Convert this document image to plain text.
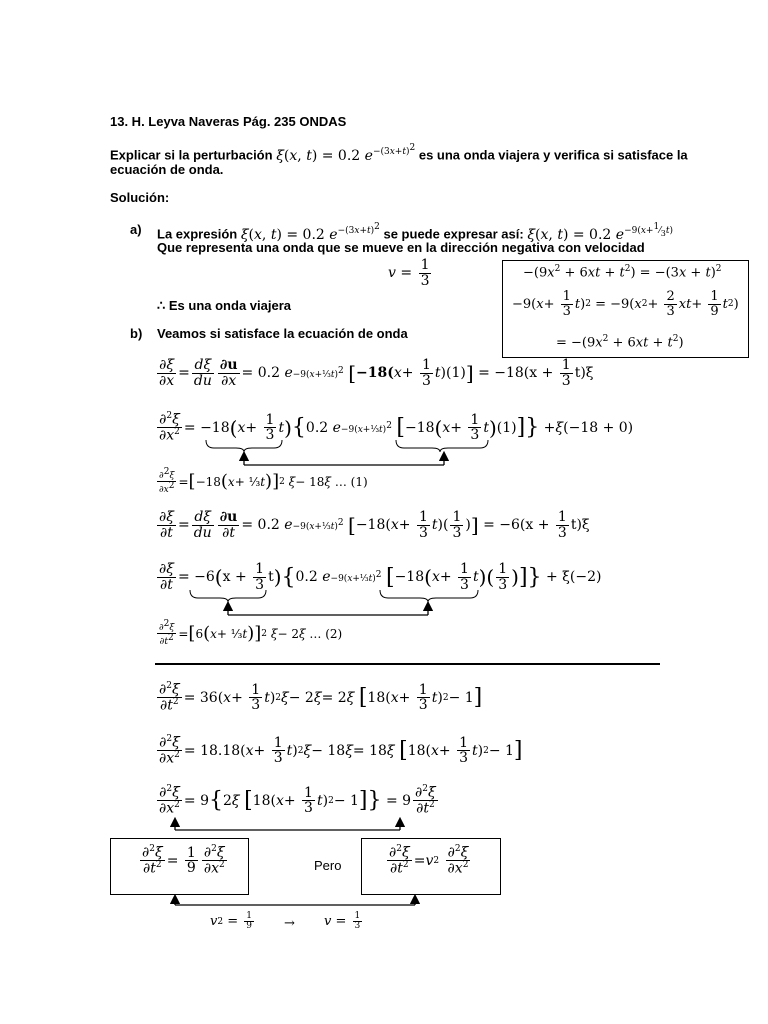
13. H. Leyva Naveras Pág. 235 ONDAS
Explicar si la perturbación ξ(x, t) = 0.2 $e^{-(3x+t)^2}$ es una onda viajera y verifica si satisface la
ecuación de onda.
Solución:
a) La expresión ξ(x, t) = 0.2 $e^{-(3x+t)^2}$ se puede expresar así: ξ(x, t) = 0.2 $e^{-9(x+^1⁄_3t)}$
Que representa una onda que se mueve en la dirección negativa con velocidad
$v = \frac{1}{3}$
∴ Es una onda viajera
b) Veamos si satisface la ecuación de onda
$-(9x^2 + 6xt + t^2) = -(3x + t)^2$
−9( $x + \frac{1}{3}$ t ) 2 = −9( x $2 + \frac{2}{3}$ xt + $\frac{1}{9}$ t 2 )
= $-(9x^2 + 6xt + t^2)$
$\frac{\partial\xi}{\partial x} = \frac{d\xi}{du} \frac{\partial u}{\partial x} = 0.2$ e −9(x+⅓t)$^2$
[ −18( $x + \frac{1}{3}$ t )(1) ] = $-18(x + \frac{1}{3} t)\xi$
$\frac{\partial^2\xi}{\partial x^2} = -18$ ( $x + \frac{1}{3}$ t ) { 0.2 e −9(x+⅓t)$^2$
[ −18 ( $x + \frac{1}{3}$ t ) (1) ] } + ξ (−18 + 0)
$\frac{\partial^2\xi}{\partial x^2}$ = [ −18 ( x + ⅓ t ) ] 2
ξ − 18 ξ
… (1)
$\frac{\partial\xi}{\partial t} = \frac{d\xi}{du} \frac{\partial u}{\partial t} = 0.2$ e −9(x+⅓t)$^2$
[ −18( $x + \frac{1}{3}$ t )( $\frac{1}{3}$ ) ] = $-6(x + \frac{1}{3} t)\xi$
$\frac{\partial\xi}{\partial t} = -6$ ( $x + \frac{1}{3}$ t ) { 0.2 e −9(x+⅓t)$^2$
[ −18 ( $x + \frac{1}{3}$ t ) ( $\frac{1}{3}$ ) ] } + ξ(−2)
$\frac{\partial^2\xi}{\partial t^2}$ = [ 6 ( x + ⅓ t ) ] 2
ξ − 2 ξ
… (2)
$\frac{\partial^2\xi}{\partial t^2} = 36$( $x + \frac{1}{3}$ t ) 2 ξ − 2 ξ = 2 ξ
[ 18( $x + \frac{1}{3}$ t ) 2 − 1 ]
$\frac{\partial^2\xi}{\partial x^2} = 18.18$( $x + \frac{1}{3}$ t ) 2 ξ − 18 ξ = 18 ξ
[ 18( $x + \frac{1}{3}$ t ) 2 − 1 ]
$\frac{\partial^2\xi}{\partial x^2} = 9$ { 2 ξ
[ 18( $x + \frac{1}{3}$ t ) 2 − 1 ] } = $9 \frac{\partial^2\xi}{\partial t^2}$
$\frac{\partial^2\xi}{\partial t^2} = \frac{1}{9} \frac{\partial^2\xi}{\partial x^2}$	Pero	$\frac{\partial^2\xi}{\partial t^2} = v$ 2
$\frac{\partial^2\xi}{\partial x^2}$
v $2 = \frac{1}{9} \to v = \frac{1}{3}$
